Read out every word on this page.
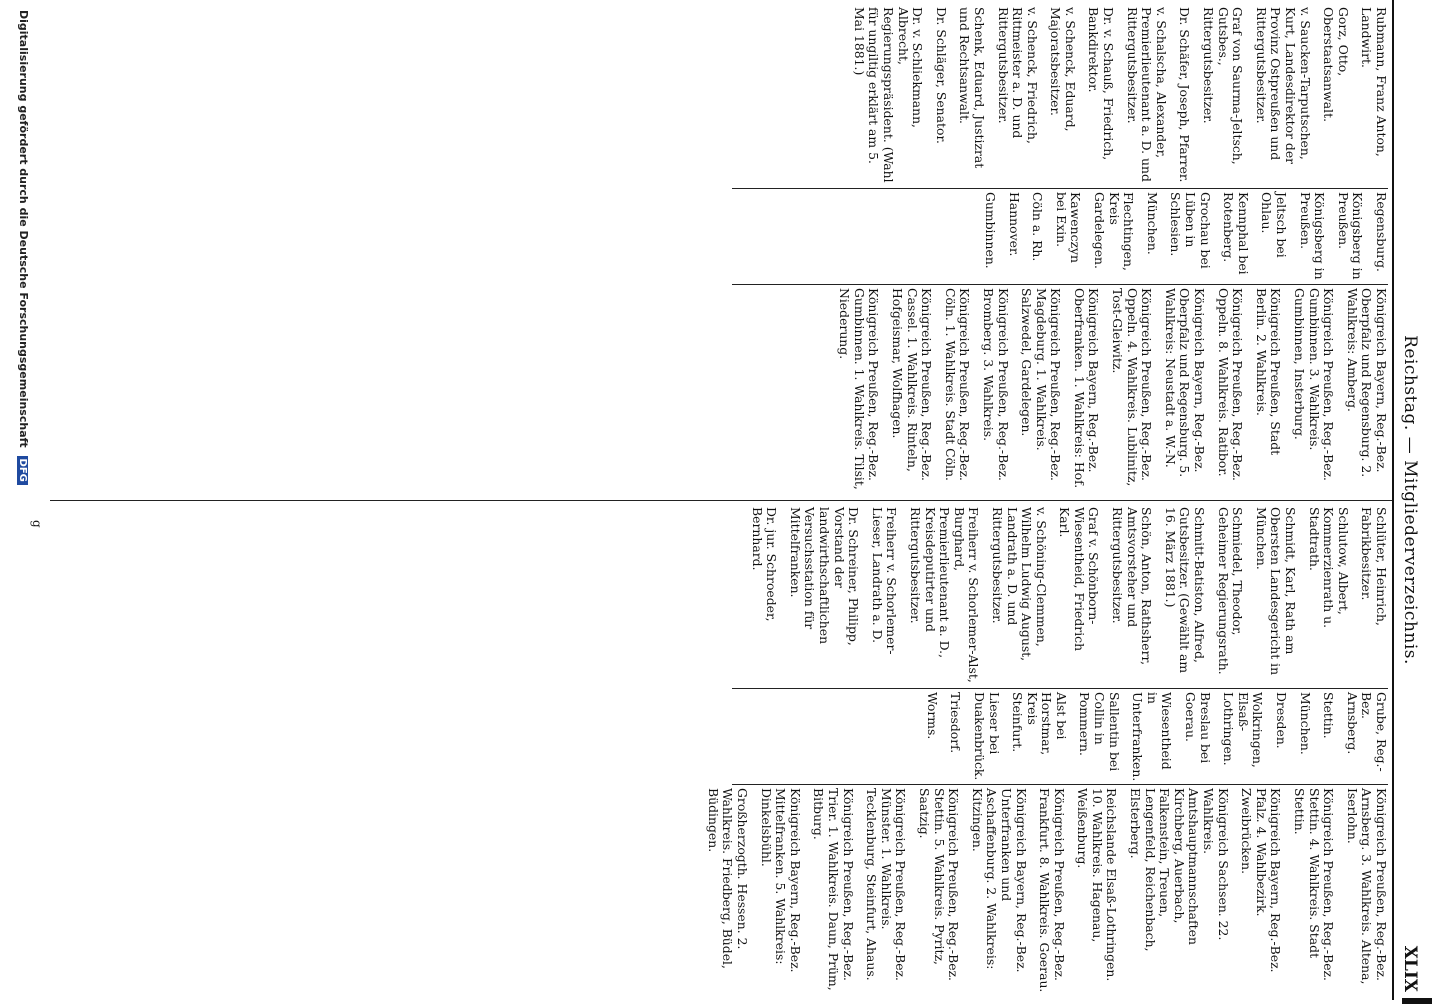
Reichstag. — Mitgliederverzeichnis.
XLIX
Rubmann, Franz Anton, Landwirt.
Gorz, Otto, Oberstaatsanwalt.
v. Saucken-Tarputschen, Kurt, Landesdirektor der Provinz Ostpreußen und Rittergutsbesitzer.
Graf von Saurma-Jeltsch, Gutsbes., Rittergutsbesitzer.
Dr. Schäfer, Joseph, Pfarrer.
v. Schalscha, Alexander, Premierlieutenant a. D. und Rittergutsbesitzer.
Dr. v. Schauß, Friedrich, Bankdirektor.
v. Schenck, Eduard, Majoratsbesitzer.
v. Schenck, Friedrich, Rittmeister a. D. und Rittergutsbesitzer.
Schenk, Eduard, Justizrat und Rechtsanwalt.
Dr. Schläger, Senator.
Dr. v. Schliekmann, Albrecht, Regierungspräsident. (Wahl für ungiltig erklärt am 5. Mai 1881.)
Regensburg.
Königsberg in Preußen.
Königsberg in Preußen.
Jeltsch bei Ohlau.
Kennphal bei Rotenberg.
Grochau bei Lüben in Schlesien.
München.
Flechtingen, Kreis Gardelegen.
Kawenczyn bei Exin.
Cöln a. Rh.
Hannover.
Gumbinnen.
Königreich Bayern, Reg.-Bez. Oberpfalz und Regensburg. 2. Wahlkreis: Amberg.
Königreich Preußen, Reg.-Bez. Gumbinnen. 3. Wahlkreis. Gumbinnen, Insterburg.
Königreich Preußen, Stadt Berlin. 2. Wahlkreis.
Königreich Preußen, Reg.-Bez. Oppeln. 8. Wahlkreis. Ratibor.
Königreich Bayern, Reg.-Bez. Oberpfalz und Regensburg. 5. Wahlkreis: Neustadt a. W.-N.
Königreich Preußen, Reg.-Bez. Oppeln. 4. Wahlkreis. Lublinitz, Tost-Gleiwitz.
Königreich Bayern, Reg.-Bez. Oberfranken. 1. Wahlkreis: Hof.
Königreich Preußen, Reg.-Bez. Magdeburg. 1. Wahlkreis. Salzwedel, Gardelegen.
Königreich Preußen, Reg.-Bez. Bromberg. 3. Wahlkreis.
Königreich Preußen, Reg.-Bez. Cöln. 1. Wahlkreis. Stadt Cöln.
Königreich Preußen, Reg.-Bez. Cassel. 1. Wahlkreis. Rinteln, Hofgeismar, Wolfhagen.
Königreich Preußen, Reg.-Bez. Gumbinnen. 1. Wahlkreis. Tilsit, Niederung.
Schlüter, Heinrich, Fabrikbesitzer.
Schlutow, Albert, Kommerzienrath u. Stadtrath.
Schmidt, Karl, Rath am Obersten Landesgericht in München.
Schmiedel, Theodor, Geheimer Regierungsrath.
Schmitt-Batiston, Alfred, Gutsbesitzer. (Gewählt am 16. März 1881.)
Schön, Anton, Rathsherr, Amtsvorsteher und Rittergutsbesitzer.
Graf v. Schönborn-Wiesentheid, Friedrich Karl.
v. Schöning-Clemmen, Wilhelm Ludwig August, Landrath a. D. und Rittergutsbesitzer.
Freiherr v. Schorlemer-Alst, Burghard, Premierlieutenant a. D., Kreisdeputirter und Rittergutsbesitzer.
Freiherr v. Schorlemer-Lieser, Landrath a. D.
Dr. Schreiner, Philipp, Vorstand der landwirthschaftlichen Versuchsstation für Mittelfranken.
Dr. jur. Schroeder, Bernhard.
Grube, Reg.-Bez. Arnsberg.
Stettin.
München.
Dresden.
Wolkringen, Elsaß-Lothringen.
Breslau bei Goerau.
Wiesentheid in Unterfranken.
Sallentin bei Collin in Pommern.
Alst bei Horstmar, Kreis Steinfurt.
Lieser bei Duakenbrück.
Triesdorf.
Worms.
Königreich Preußen, Reg.-Bez. Arnsberg. 3. Wahlkreis. Altena, Iserlohn.
Königreich Preußen, Reg.-Bez. Stettin. 4. Wahlkreis. Stadt Stettin.
Königreich Bayern, Reg.-Bez. Pfalz. 4. Wahlbezirk. Zweibrücken.
Königreich Sachsen. 22. Wahlkreis. Amtshauptmannschaften Kirchberg, Auerbach, Falkenstein, Treuen, Lengenfeld, Reichenbach, Elsterberg.
Reichslande Elsaß-Lothringen. 10. Wahlkreis. Hagenau, Weißenburg.
Königreich Preußen, Reg.-Bez. Frankfurt. 8. Wahlkreis. Goerau.
Königreich Bayern, Reg.-Bez. Unterfranken und Aschaffenburg. 2. Wahlkreis: Kitzingen.
Königreich Preußen, Reg.-Bez. Stettin. 5. Wahlkreis. Pyritz, Saatzig.
Königreich Preußen, Reg.-Bez. Münster. 1. Wahlkreis. Tecklenburg, Steinfurt, Ahaus.
Königreich Preußen, Reg.-Bez. Trier. 1. Wahlkreis. Daun, Prüm, Bitburg.
Königreich Bayern, Reg.-Bez. Mittelfranken. 5. Wahlkreis: Dinkelsbühl.
Großherzogth. Hessen. 2. Wahlkreis. Friedberg, Büdel, Büdingen.
g
Digitalisierung gefördert durch die Deutsche Forschungsgemeinschaft DFG
